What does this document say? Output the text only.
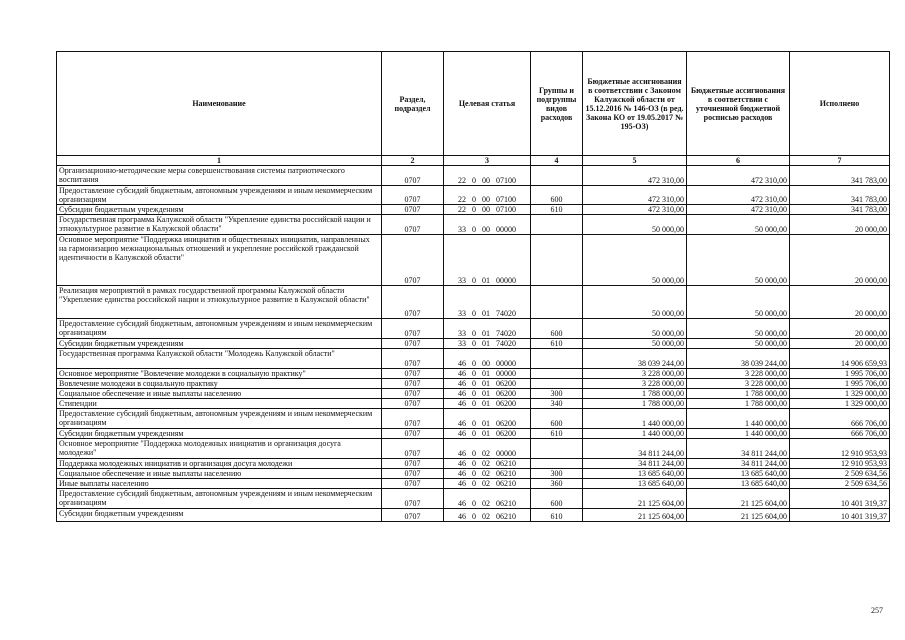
Наименование	Раздел, подраздел	Целевая статья	Группы и подгруппы видов расходов	Бюджетные ассигнования в соответствии с Законом Калужской области от 15.12.2016 № 146-ОЗ (в ред. Закона КО от 19.05.2017 № 195-ОЗ)	Бюджетные ассигнования в соответствии с уточненной бюджетной росписью расходов	Исполнено
1	2	3	4	5	6	7
Организационно-методические меры совершенствования системы патриотического воспитания	0707	22 0 00 07100		472 310,00	472 310,00	341 783,00
Предоставление субсидий бюджетным, автономным учреждениям и иным некоммерческим организациям	0707	22 0 00 07100	600	472 310,00	472 310,00	341 783,00
Субсидии бюджетным учреждениям	0707	22 0 00 07100	610	472 310,00	472 310,00	341 783,00
Государственная программа Калужской области "Укрепление единства российской нации и этнокультурное развитие в Калужской области"	0707	33 0 00 00000		50 000,00	50 000,00	20 000,00
Основное мероприятие "Поддержка инициатив и общественных инициатив, направленных на гармонизацию межнациональных отношений и укрепление российской гражданской идентичности в Калужской области"	0707	33 0 01 00000		50 000,00	50 000,00	20 000,00
Реализация мероприятий в рамках государственной программы Калужской области "Укрепление единства российской нации и этнокультурное развитие в Калужской области"	0707	33 0 01 74020		50 000,00	50 000,00	20 000,00
Предоставление субсидий бюджетным, автономным учреждениям и иным некоммерческим организациям	0707	33 0 01 74020	600	50 000,00	50 000,00	20 000,00
Субсидии бюджетным учреждениям	0707	33 0 01 74020	610	50 000,00	50 000,00	20 000,00
Государственная программа Калужской области "Молодежь Калужской области"	0707	46 0 00 00000		38 039 244,00	38 039 244,00	14 906 659,93
Основное мероприятие "Вовлечение молодежи в социальную практику"	0707	46 0 01 00000		3 228 000,00	3 228 000,00	1 995 706,00
Вовлечение молодежи в социальную практику	0707	46 0 01 06200		3 228 000,00	3 228 000,00	1 995 706,00
Социальное обеспечение и иные выплаты населению	0707	46 0 01 06200	300	1 788 000,00	1 788 000,00	1 329 000,00
Стипендии	0707	46 0 01 06200	340	1 788 000,00	1 788 000,00	1 329 000,00
Предоставление субсидий бюджетным, автономным учреждениям и иным некоммерческим организациям	0707	46 0 01 06200	600	1 440 000,00	1 440 000,00	666 706,00
Субсидии бюджетным учреждениям	0707	46 0 01 06200	610	1 440 000,00	1 440 000,00	666 706,00
Основное мероприятие "Поддержка молодежных инициатив и организация досуга молодежи"	0707	46 0 02 00000		34 811 244,00	34 811 244,00	12 910 953,93
Поддержка молодежных инициатив и организация досуга молодежи	0707	46 0 02 06210		34 811 244,00	34 811 244,00	12 910 953,93
Социальное обеспечение и иные выплаты населению	0707	46 0 02 06210	300	13 685 640,00	13 685 640,00	2 509 634,56
Иные выплаты населению	0707	46 0 02 06210	360	13 685 640,00	13 685 640,00	2 509 634,56
Предоставление субсидий бюджетным, автономным учреждениям и иным некоммерческим организациям	0707	46 0 02 06210	600	21 125 604,00	21 125 604,00	10 401 319,37
Субсидии бюджетным учреждениям	0707	46 0 02 06210	610	21 125 604,00	21 125 604,00	10 401 319,37
257
